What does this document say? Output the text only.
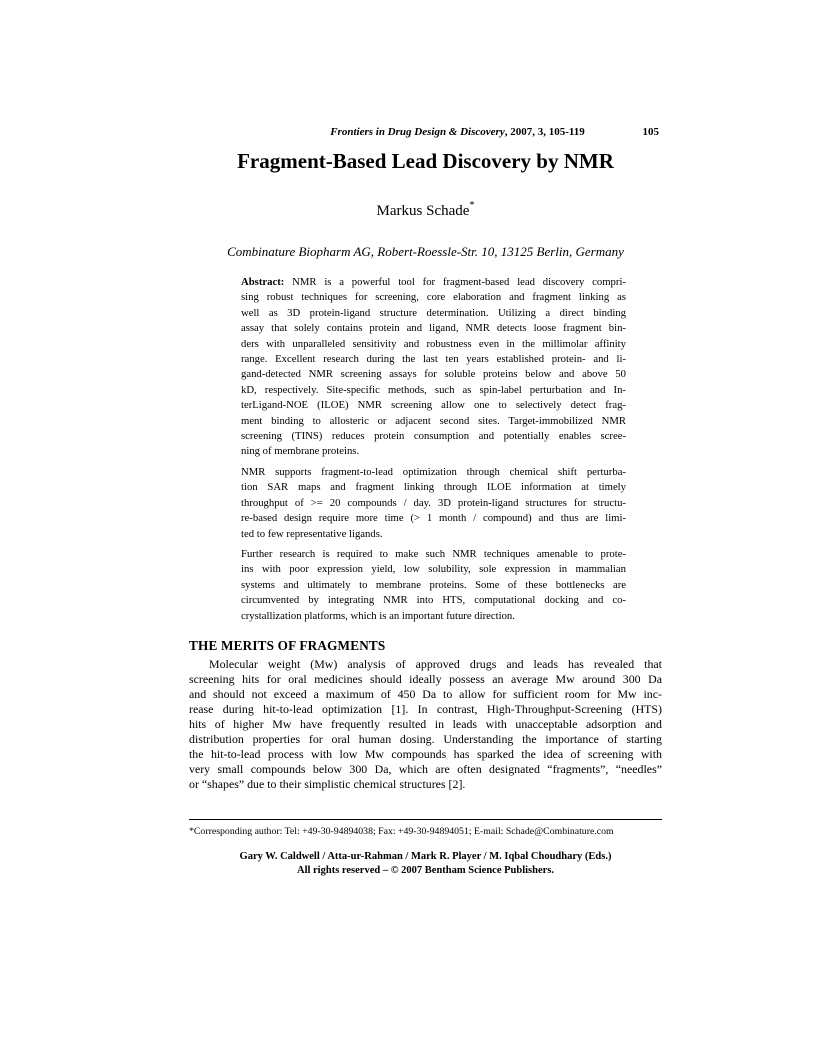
Frontiers in Drug Design & Discovery, 2007, 3, 105-119	105
Fragment-Based Lead Discovery by NMR
Markus Schade*
Combinature Biopharm AG, Robert-Roessle-Str. 10, 13125 Berlin, Germany
Abstract: NMR is a powerful tool for fragment-based lead discovery compri-
sing robust techniques for screening, core elaboration and fragment linking as
well as 3D protein-ligand structure determination. Utilizing a direct binding
assay that solely contains protein and ligand, NMR detects loose fragment bin-
ders with unparalleled sensitivity and robustness even in the millimolar affinity
range. Excellent research during the last ten years established protein- and li-
gand-detected NMR screening assays for soluble proteins below and above 50
kD, respectively. Site-specific methods, such as spin-label perturbation and In-
terLigand-NOE (ILOE) NMR screening allow one to selectively detect frag-
ment binding to allosteric or adjacent second sites. Target-immobilized NMR
screening (TINS) reduces protein consumption and potentially enables scree-
ning of membrane proteins.
NMR supports fragment-to-lead optimization through chemical shift perturba-
tion SAR maps and fragment linking through ILOE information at timely
throughput of >= 20 compounds / day. 3D protein-ligand structures for structu-
re-based design require more time (> 1 month / compound) and thus are limi-
ted to few representative ligands.
Further research is required to make such NMR techniques amenable to prote-
ins with poor expression yield, low solubility, sole expression in mammalian
systems and ultimately to membrane proteins. Some of these bottlenecks are
circumvented by integrating NMR into HTS, computational docking and co-
crystallization platforms, which is an important future direction.
THE MERITS OF FRAGMENTS
Molecular weight (Mw) analysis of approved drugs and leads has revealed that
screening hits for oral medicines should ideally possess an average Mw around 300 Da
and should not exceed a maximum of 450 Da to allow for sufficient room for Mw inc-
rease during hit-to-lead optimization [1]. In contrast, High-Throughput-Screening (HTS)
hits of higher Mw have frequently resulted in leads with unacceptable adsorption and
distribution properties for oral human dosing. Understanding the importance of starting
the hit-to-lead process with low Mw compounds has sparked the idea of screening with
very small compounds below 300 Da, which are often designated “fragments”, “needles”
or “shapes” due to their simplistic chemical structures [2].
*Corresponding author: Tel: +49-30-94894038; Fax: +49-30-94894051; E-mail: Schade@Combinature.com
Gary W. Caldwell / Atta-ur-Rahman / Mark R. Player / M. Iqbal Choudhary (Eds.)
All rights reserved – © 2007 Bentham Science Publishers.
